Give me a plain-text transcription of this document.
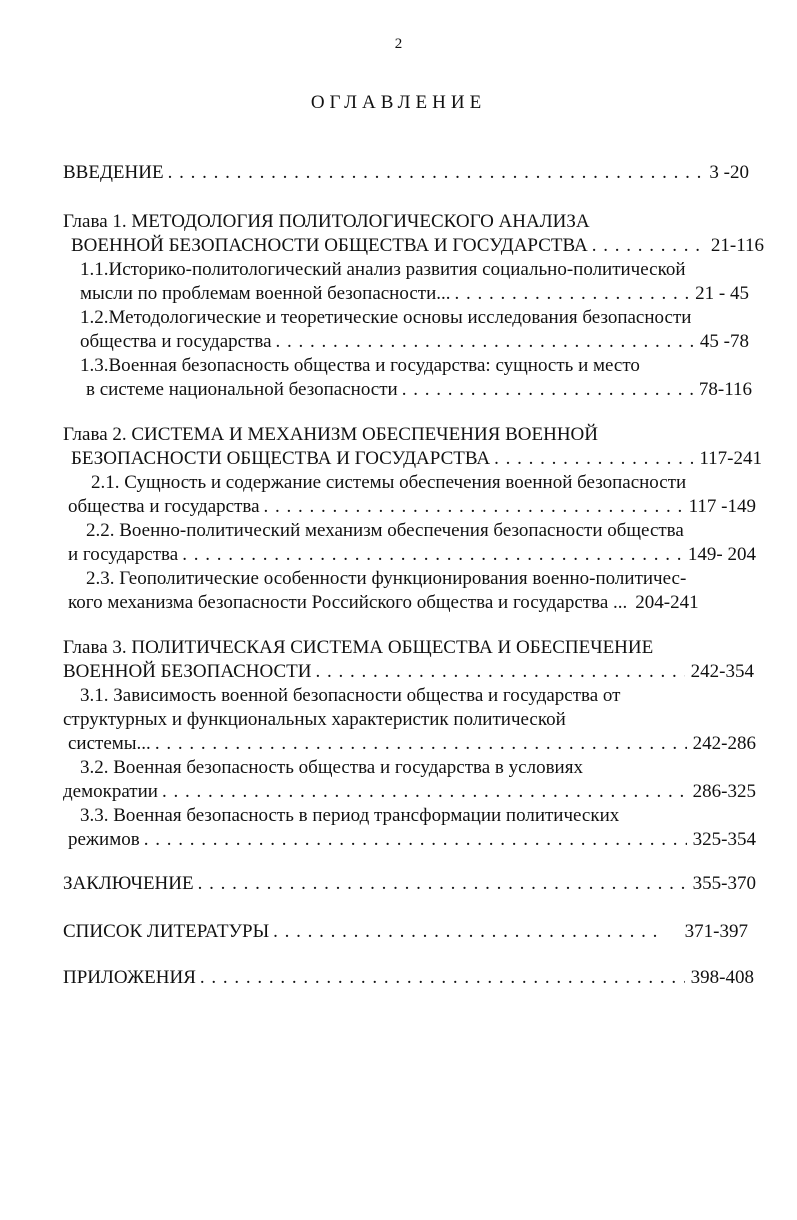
2
ОГЛАВЛЕНИЕ
ВВЕДЕНИЕ . . .	3 -20
Глава 1. МЕТОДОЛОГИЯ ПОЛИТОЛОГИЧЕСКОГО АНАЛИЗА
ВОЕННОЙ БЕЗОПАСНОСТИ ОБЩЕСТВА И ГОСУДАРСТВА . . .	21-116
1.1.Историко-политологический анализ развития социально-политической
мысли по проблемам военной безопасности... . . .	21 - 45
1.2.Методологические и теоретические основы исследования безопасности
общества и государства . . .	45 -78
1.3.Военная безопасность общества и государства: сущность и место
в системе национальной безопасности . . .	78-116
Глава 2. СИСТЕМА И МЕХАНИЗМ ОБЕСПЕЧЕНИЯ ВОЕННОЙ
БЕЗОПАСНОСТИ ОБЩЕСТВА И ГОСУДАРСТВА . . .	117-241
2.1. Сущность и содержание системы обеспечения военной безопасности
общества и государства . . .	117 -149
2.2. Военно-политический механизм обеспечения безопасности общества
и государства . . .	149- 204
2.3. Геополитические особенности функционирования военно-политичес-
кого механизма безопасности Российского общества и государства ... 204-241
Глава 3. ПОЛИТИЧЕСКАЯ СИСТЕМА ОБЩЕСТВА И ОБЕСПЕЧЕНИЕ
ВОЕННОЙ БЕЗОПАСНОСТИ . . .	242-354
3.1. Зависимость военной безопасности общества и государства от
структурных и функциональных характеристик политической
системы... . . .	242-286
3.2. Военная безопасность общества и государства в условиях
демократии . . .	286-325
3.3. Военная безопасность в период трансформации политических
режимов . . .	325-354
ЗАКЛЮЧЕНИЕ . . .	355-370
СПИСОК ЛИТЕРАТУРЫ . . .	371-397
ПРИЛОЖЕНИЯ . . .	398-408
